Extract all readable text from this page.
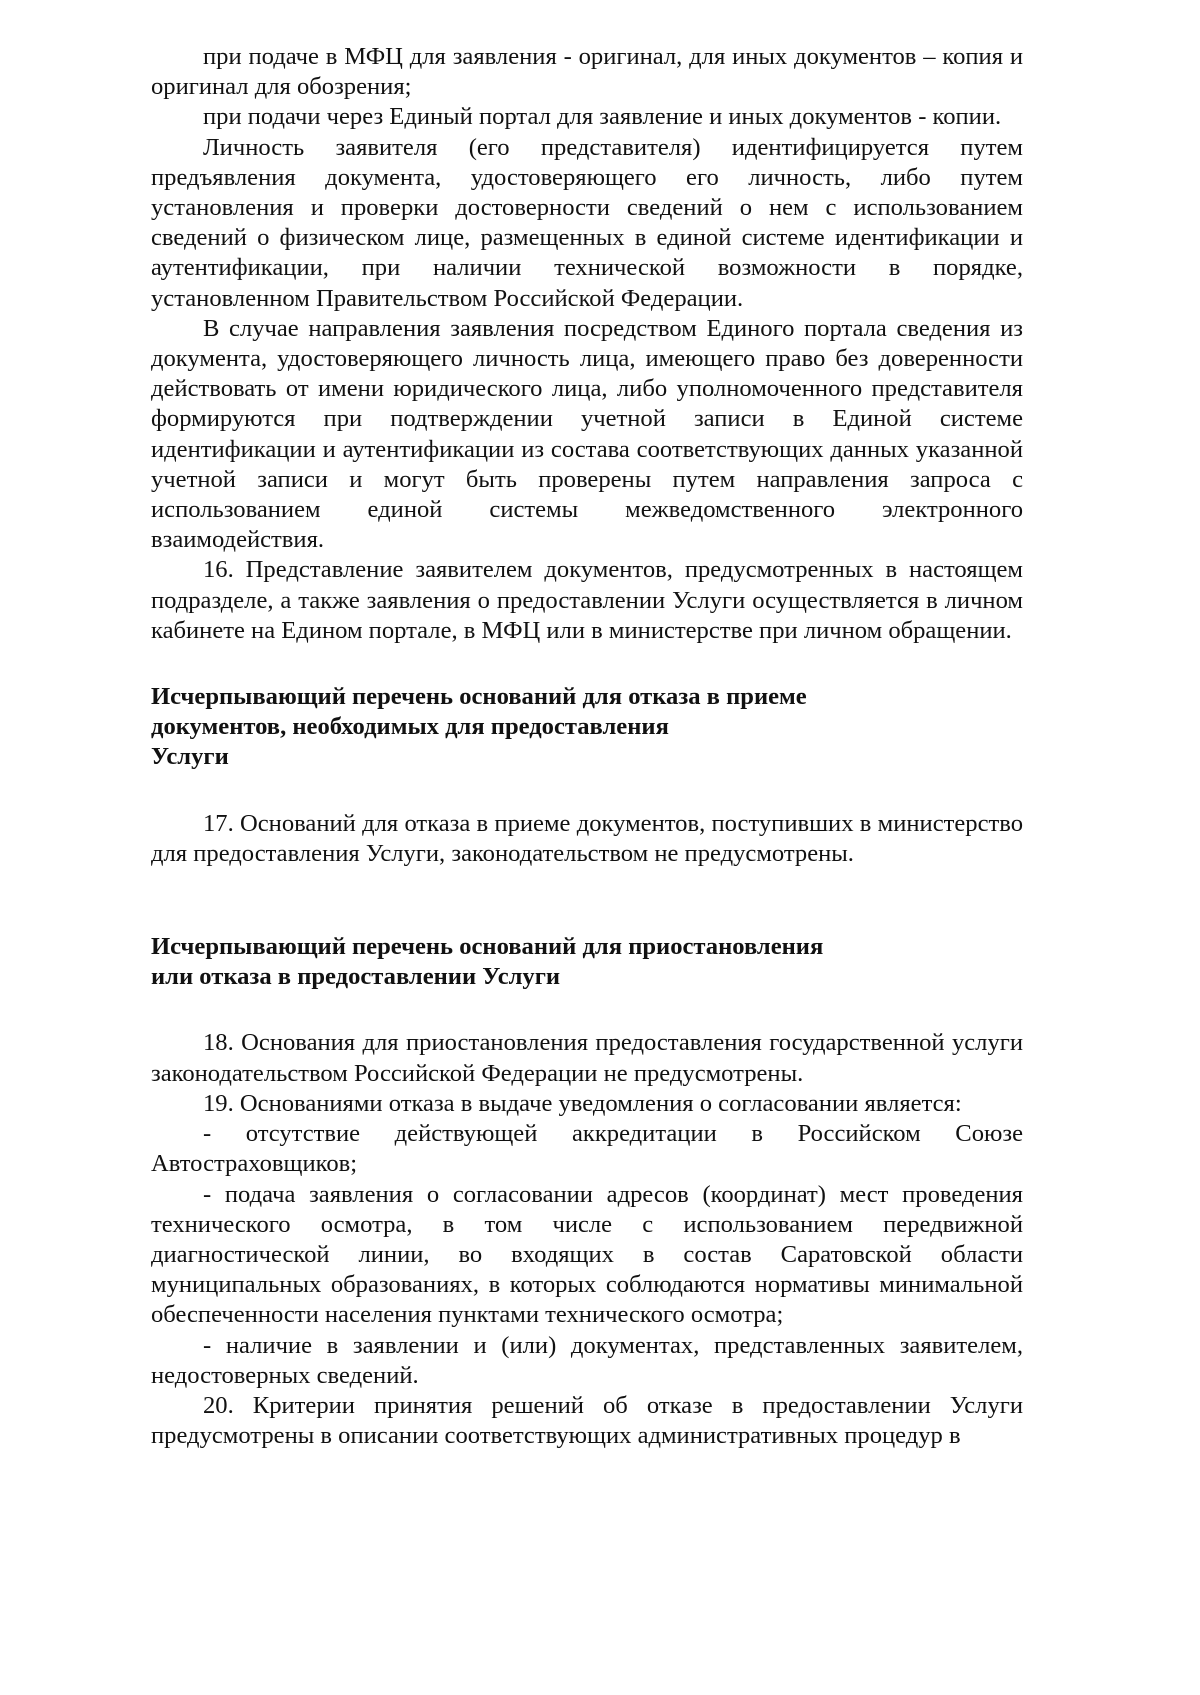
при подаче в МФЦ для заявления - оригинал, для иных документов – копия и оригинал для обозрения;

при подачи через Единый портал для заявление и иных документов - копии.

Личность заявителя (его представителя) идентифицируется путем предъявления документа, удостоверяющего его личность, либо путем установления и проверки достоверности сведений о нем с использованием сведений о физическом лице, размещенных в единой системе идентификации и аутентификации, при наличии технической возможности в порядке, установленном Правительством Российской Федерации.

В случае направления заявления посредством Единого портала сведения из документа, удостоверяющего личность лица, имеющего право без доверенности действовать от имени юридического лица, либо уполномоченного представителя формируются при подтверждении учетной записи в Единой системе идентификации и аутентификации из состава соответствующих данных указанной учетной записи и могут быть проверены путем направления запроса с использованием единой системы межведомственного электронного взаимодействия.

16. Представление заявителем документов, предусмотренных в настоящем подразделе, а также заявления о предоставлении Услуги осуществляется в личном кабинете на Едином портале, в МФЦ или в министерстве при личном обращении.

Исчерпывающий перечень оснований для отказа в приеме

документов, необходимых для предоставления

Услуги

17. Оснований для отказа в приеме документов, поступивших в министерство для предоставления Услуги, законодательством не предусмотрены.

Исчерпывающий перечень оснований для приостановления

или отказа в предоставлении Услуги

18. Основания для приостановления предоставления государственной услуги законодательством Российской Федерации не предусмотрены.

19. Основаниями отказа в выдаче уведомления о согласовании является:

- отсутствие действующей аккредитации в Российском Союзе Автостраховщиков;

- подача заявления о согласовании адресов (координат) мест проведения технического осмотра, в том числе с использованием передвижной диагностической линии, во входящих в состав Саратовской области муниципальных образованиях, в которых соблюдаются нормативы минимальной обеспеченности населения пунктами технического осмотра;

- наличие в заявлении и (или) документах, представленных заявителем, недостоверных сведений.

20. Критерии принятия решений об отказе в предоставлении Услуги предусмотрены в описании соответствующих административных процедур в
